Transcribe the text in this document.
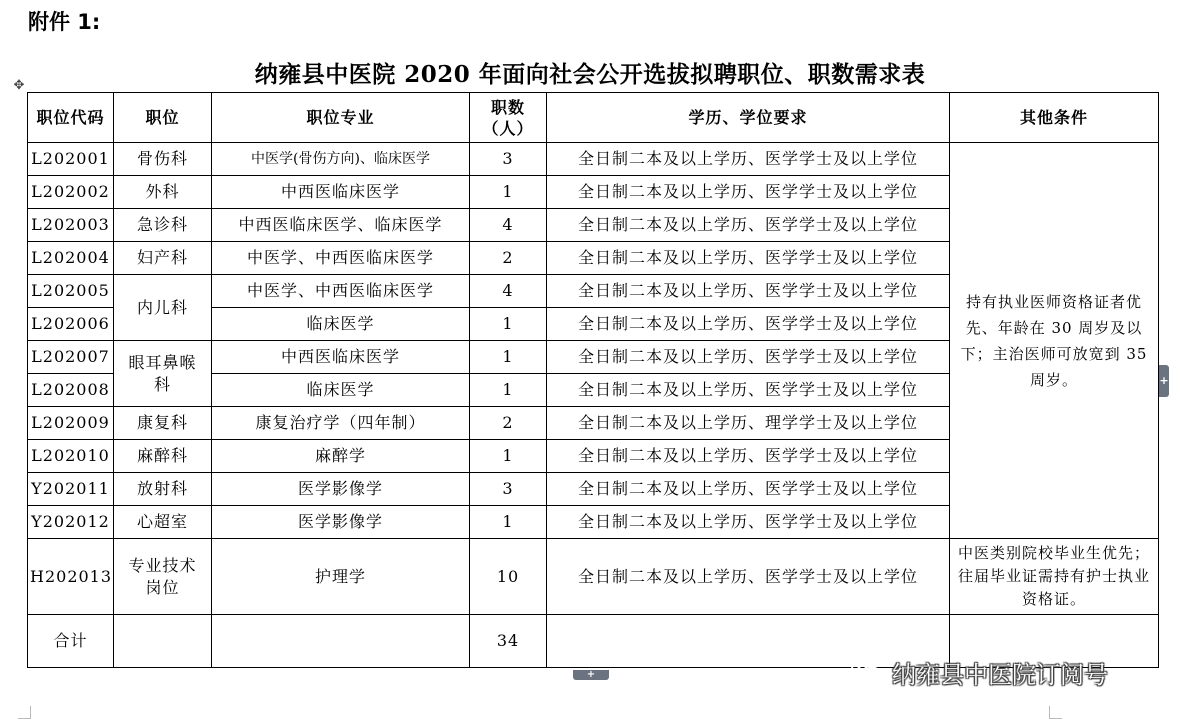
附件 1:
纳雍县中医院 2020 年面向社会公开选拔拟聘职位、职数需求表
✥
职位代码	职位	职位专业	职数（人）	学历、学位要求	其他条件
L202001	骨伤科	中医学(骨伤方向)、临床医学	3	全日制二本及以上学历、医学学士及以上学位	持有执业医师资格证者优先、年龄在 30 周岁及以下；主治医师可放宽到 35 周岁。
L202002	外科	中西医临床医学	1	全日制二本及以上学历、医学学士及以上学位	
L202003	急诊科	中西医临床医学、临床医学	4	全日制二本及以上学历、医学学士及以上学位	
L202004	妇产科	中医学、中西医临床医学	2	全日制二本及以上学历、医学学士及以上学位	
L202005	内儿科	中医学、中西医临床医学	4	全日制二本及以上学历、医学学士及以上学位	
L202006		临床医学	1	全日制二本及以上学历、医学学士及以上学位	
L202007	眼耳鼻喉科	中西医临床医学	1	全日制二本及以上学历、医学学士及以上学位	
L202008		临床医学	1	全日制二本及以上学历、医学学士及以上学位	
L202009	康复科	康复治疗学（四年制）	2	全日制二本及以上学历、理学学士及以上学位	
L202010	麻醉科	麻醉学	1	全日制二本及以上学历、医学学士及以上学位	
Y202011	放射科	医学影像学	3	全日制二本及以上学历、医学学士及以上学位	
Y202012	心超室	医学影像学	1	全日制二本及以上学历、医学学士及以上学位	
H202013	专业技术岗位	护理学	10	全日制二本及以上学历、医学学士及以上学位	中医类别院校毕业生优先；往届毕业证需持有护士执业资格证。
合计			34		
+
+	纳雍县中医院订阅号
